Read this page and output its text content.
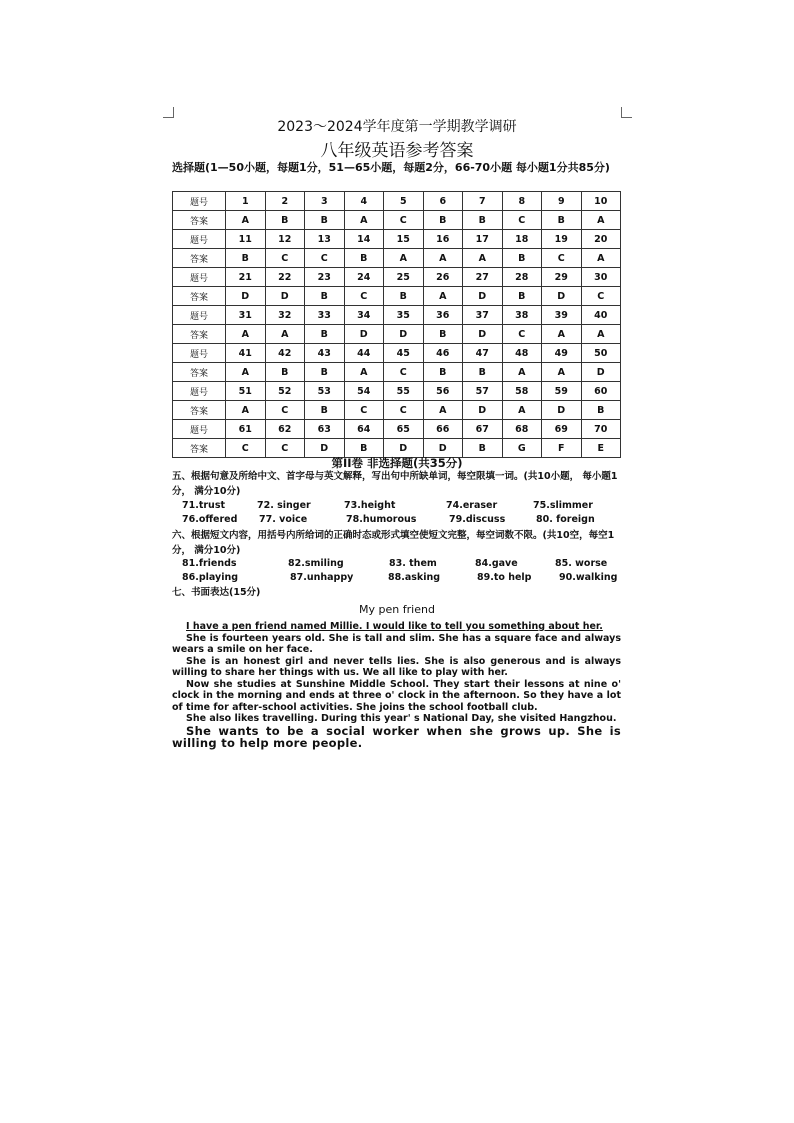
2023～2024学年度第一学期教学调研
八年级英语参考答案
选择题(1—50小题，每题1分，51—65小题，每题2分，66-70小题 每小题1分共85分)
题号	1	2	3	4	5	6	7	8	9	10
答案	A	B	B	A	C	B	B	C	B	A
题号	11	12	13	14	15	16	17	18	19	20
答案	B	C	C	B	A	A	A	B	C	A
题号	21	22	23	24	25	26	27	28	29	30
答案	D	D	B	C	B	A	D	B	D	C
题号	31	32	33	34	35	36	37	38	39	40
答案	A	A	B	D	D	B	D	C	A	A
题号	41	42	43	44	45	46	47	48	49	50
答案	A	B	B	A	C	B	B	A	A	D
题号	51	52	53	54	55	56	57	58	59	60
答案	A	C	B	C	C	A	D	A	D	B
题号	61	62	63	64	65	66	67	68	69	70
答案	C	C	D	B	D	D	B	G	F	E
第II卷 非选择题(共35分)
五、根据句意及所给中文、首字母与英文解释，写出句中所缺单词，每空限填一词。(共10小题， 每小题1分， 满分10分)
71.trust	72. singer	73.height	74.eraser	75.slimmer
76.offered 77. voice	78.humorous	79.discuss	80. foreign
六、根据短文内容，用括号内所给词的正确时态或形式填空使短文完整，每空词数不限。(共10空，每空1分， 满分10分)
81.friends	82.smiling	83. them	84.gave	85. worse
86.playing	87.unhappy	88.asking	89.to help	90.walking
七、书面表达(15分)
My pen friend

I have a pen friend named Millie. I would like to tell you something about her.

She is fourteen years old. She is tall and slim. She has a square face and always wears a smile on her face.

She is an honest girl and never tells lies. She is also generous and is always willing to share her things with us. We all like to play with her.

Now she studies at Sunshine Middle School. They start their lessons at nine o' clock in the morning and ends at three o' clock in the afternoon. So they have a lot of time for after-school activities. She joins the school football club.

She also likes travelling. During this year' s National Day, she visited Hangzhou.

She wants to be a social worker when she grows up. She is willing to help more people.
